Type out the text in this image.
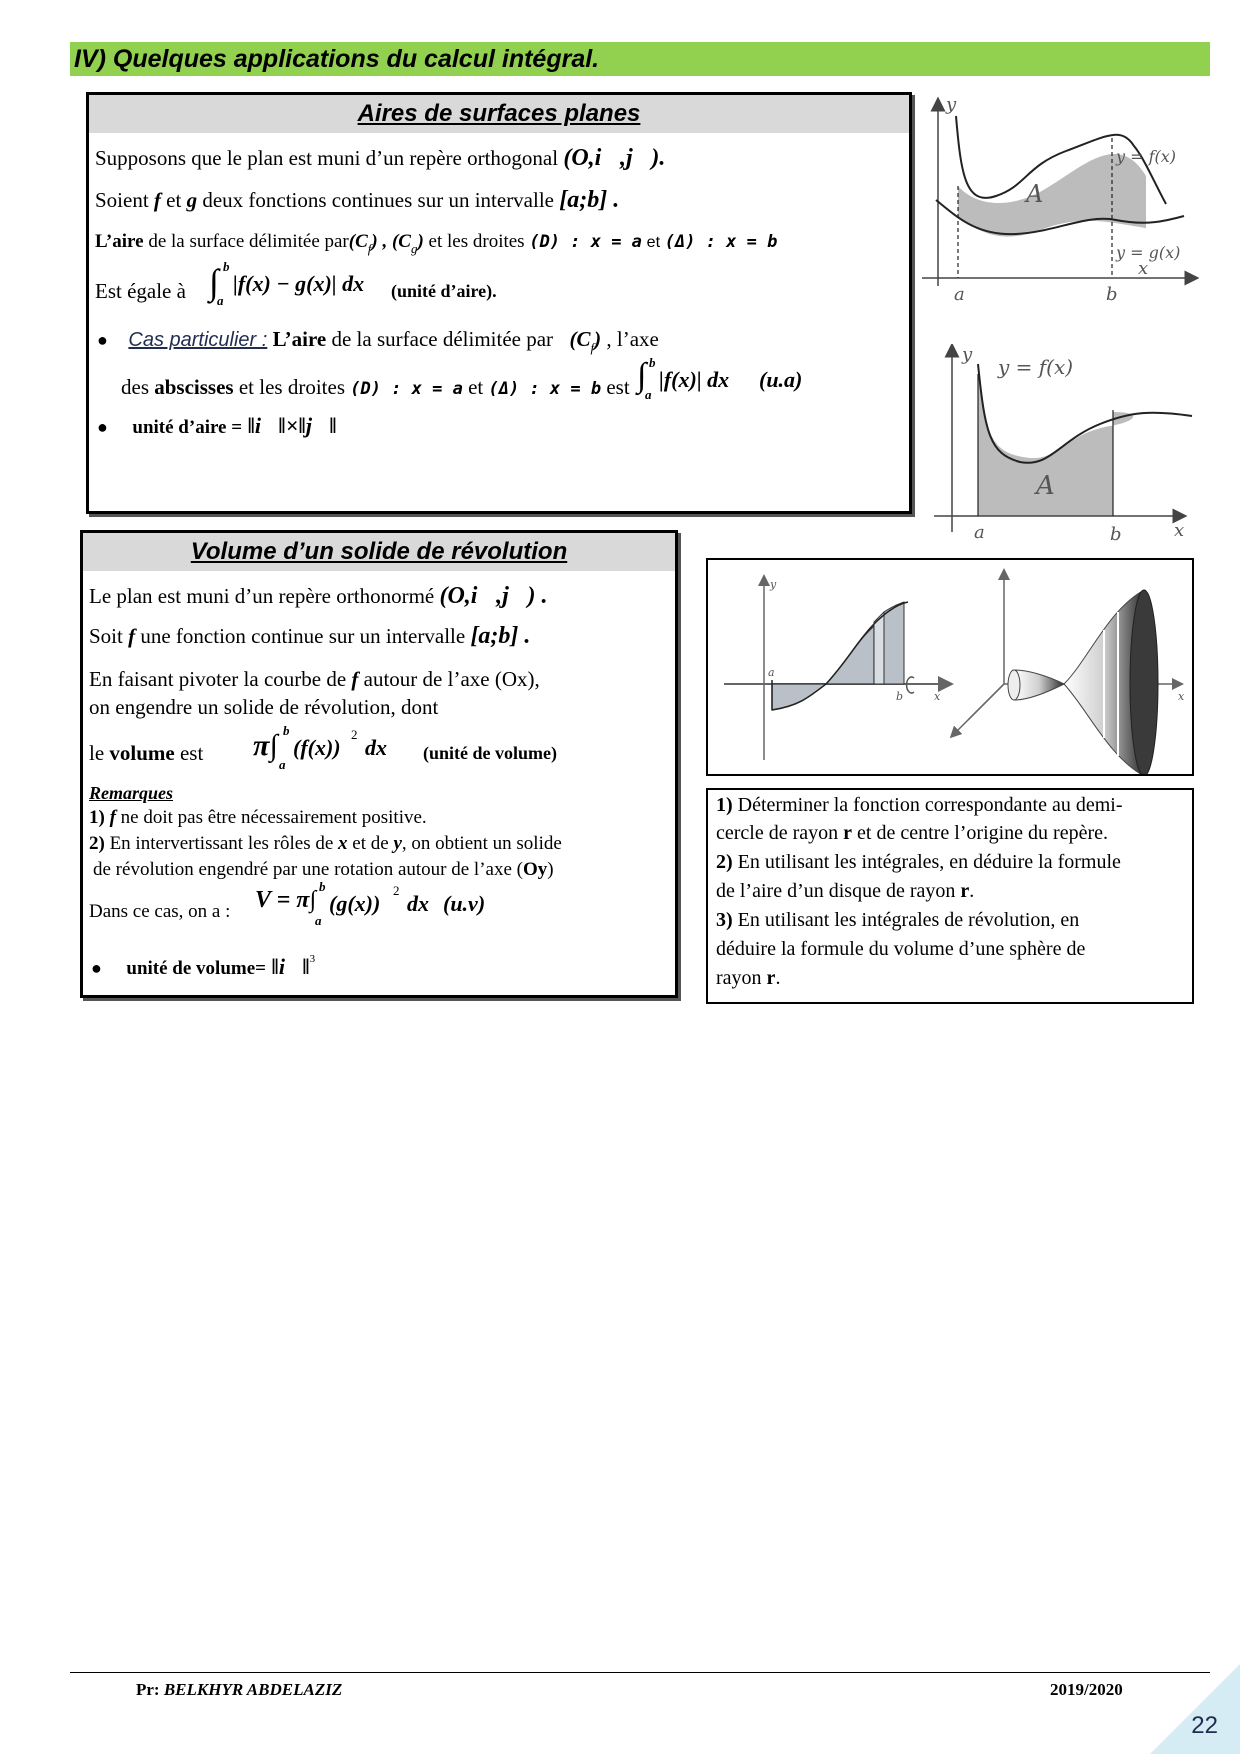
IV) Quelques applications du calcul intégral.
Aires de surfaces planes
Supposons que le plan est muni d’un repère orthogonal (O,i⃗,j⃗).
Soient f et g deux fonctions continues sur un intervalle [a;b] .
L’aire de la surface délimitée $par(C_f)$ , $(C_g)$ et les droites (D) : x = a et (Δ) : x = b
Est égale à ∫ b
a
|f(x) − g(x)| dx (unité d’aire).
● Cas particulier : L’aire de la surface délimitée par $(C_f)$ , l’axe
des abscisses et les droites (D) : x = a et (Δ) : x = b est ∫ b
a
|f(x)| dx (u.a)
● unité d’aire = ‖i⃗‖×‖j⃗‖
y
x
a	b
A
y = f(x)
y = g(x)
y
x
a	b
A
y = f(x)
Volume d’un solide de révolution
Le plan est muni d’un repère orthonormé (O,i⃗,j⃗) .
Soit f une fonction continue sur un intervalle [a;b] .
En faisant pivoter la courbe de f autour de l’axe (Ox),
on engendre un solide de révolution, dont
le volume est π∫ b
a
(f(x))
2
dx (unité de volume)
Remarques
1) f ne doit pas être nécessairement positive.
2) En intervertissant les rôles de x et de y, on obtient un solide
de révolution engendré par une rotation autour de l’axe (Oy)
Dans ce cas, on a : V = π∫
b
a
(g(x))
2
dx (u.v)
● unité de volume= ‖i⃗‖$^3$
y
a
b	x	x
1) Déterminer la fonction correspondante au demi-
cercle de rayon r et de centre l’origine du repère.
2) En utilisant les intégrales, en déduire la formule
de l’aire d’un disque de rayon r.
3) En utilisant les intégrales de révolution, en
déduire la formule du volume d’une sphère de
rayon r.
Pr: BELKHYR ABDELAZIZ	2019/2020
22
